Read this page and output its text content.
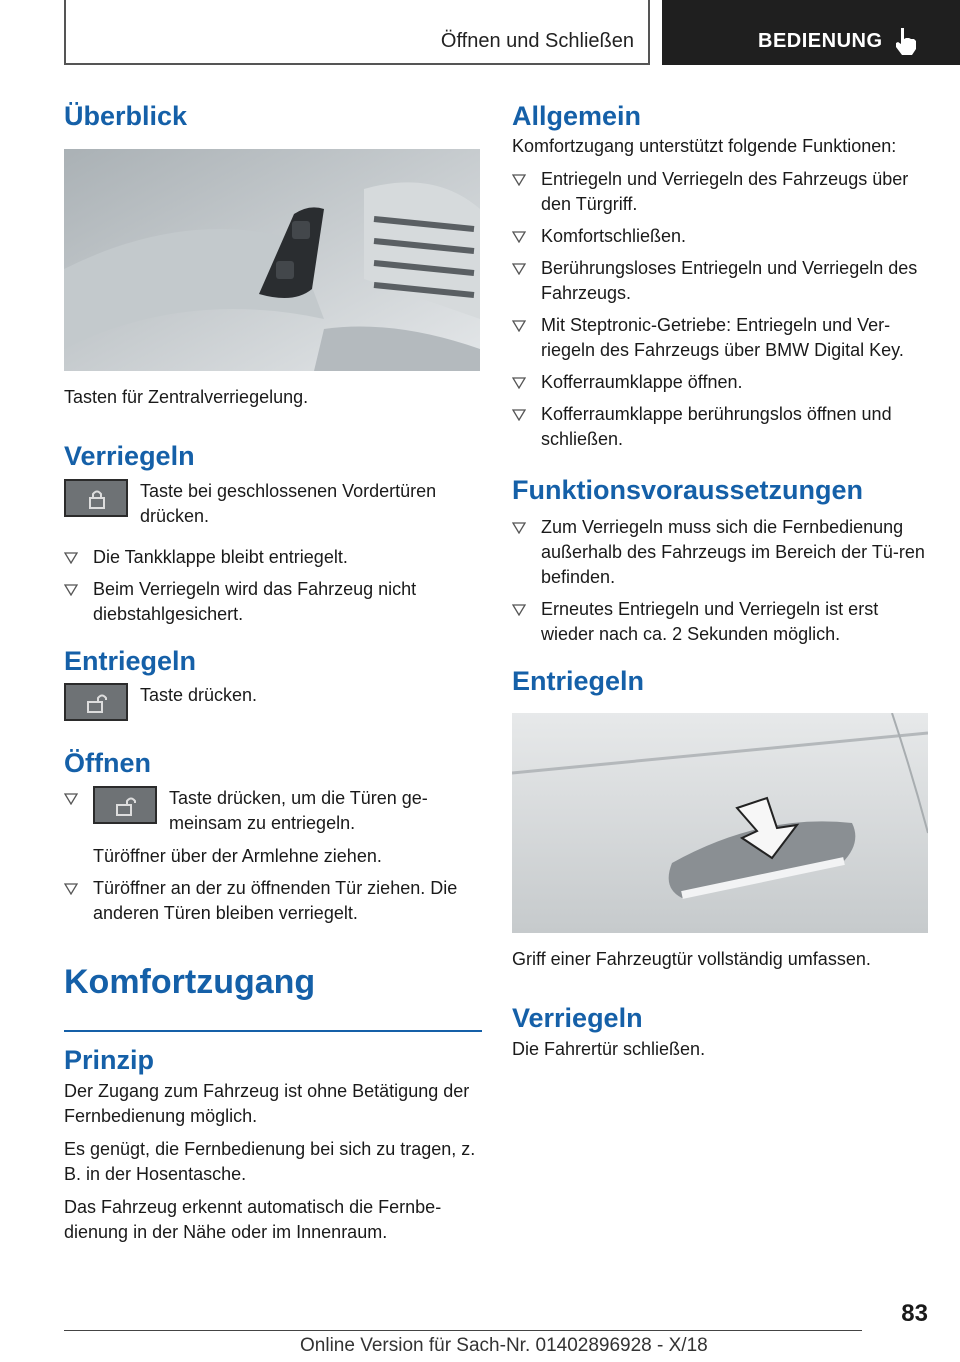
Öffnen und Schließen	BEDIENUNG
Überblick
Tasten für Zentralverriegelung.
Verriegeln
Taste bei geschlossenen Vordertüren drücken.
Die Tankklappe bleibt entriegelt.
Beim Verriegeln wird das Fahrzeug nicht diebstahlgesichert.
Entriegeln
Taste drücken.
Öffnen
Taste drücken, um die Türen ge-meinsam zu entriegeln.
Türöffner über der Armlehne ziehen.
Türöffner an der zu öffnenden Tür ziehen. Die anderen Türen bleiben verriegelt.
Komfortzugang
Prinzip
Der Zugang zum Fahrzeug ist ohne Betätigung der Fernbedienung möglich.
Es genügt, die Fernbedienung bei sich zu tragen, z. B. in der Hosentasche.
Das Fahrzeug erkennt automatisch die Fernbe-dienung in der Nähe oder im Innenraum.
Allgemein
Komfortzugang unterstützt folgende Funktionen:
Entriegeln und Verriegeln des Fahrzeugs über den Türgriff.
Komfortschließen.
Berührungsloses Entriegeln und Verriegeln des Fahrzeugs.
Mit Steptronic-Getriebe: Entriegeln und Ver-riegeln des Fahrzeugs über BMW Digital Key.
Kofferraumklappe öffnen.
Kofferraumklappe berührungslos öffnen und schließen.
Funktionsvoraussetzungen
Zum Verriegeln muss sich die Fernbedienung außerhalb des Fahrzeugs im Bereich der Tü-ren befinden.
Erneutes Entriegeln und Verriegeln ist erst wieder nach ca. 2 Sekunden möglich.
Entriegeln
Griff einer Fahrzeugtür vollständig umfassen.
Verriegeln
Die Fahrertür schließen.
83
Online Version für Sach-Nr. 01402896928 - X/18
